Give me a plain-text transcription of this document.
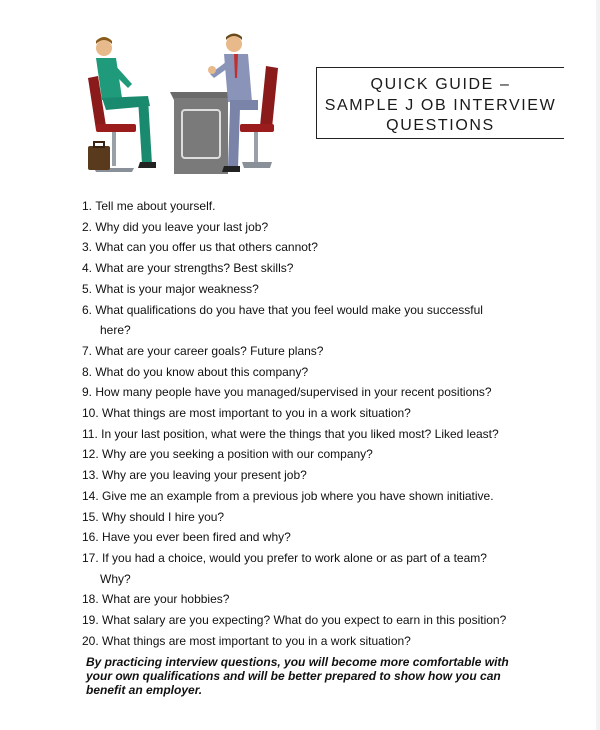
QUICK GUIDE –
SAMPLE J OB INTERVIEW
QUESTIONS
1. Tell me about yourself.
2. Why did you leave your last job?
3. What can you offer us that others cannot?
4. What are your strengths? Best skills?
5. What is your major weakness?
6. What qualifications do you have that you feel would make you successful
here?
7. What are your career goals? Future plans?
8. What do you know about this company?
9. How many people have you managed/supervised in your recent positions?
10. What things are most important to you in a work situation?
11. In your last position, what were the things that you liked most? Liked least?
12. Why are you seeking a position with our company?
13. Why are you leaving your present job?
14. Give me an example from a previous job where you have shown initiative.
15. Why should I hire you?
16. Have you ever been fired and why?
17. If you had a choice, would you prefer to work alone or as part of a team?
Why?
18. What are your hobbies?
19. What salary are you expecting? What do you expect to earn in this position?
20. What things are most important to you in a work situation?
By practicing interview questions, you will become more comfortable with your own qualifications and will be better prepared to show how you can benefit an employer.
